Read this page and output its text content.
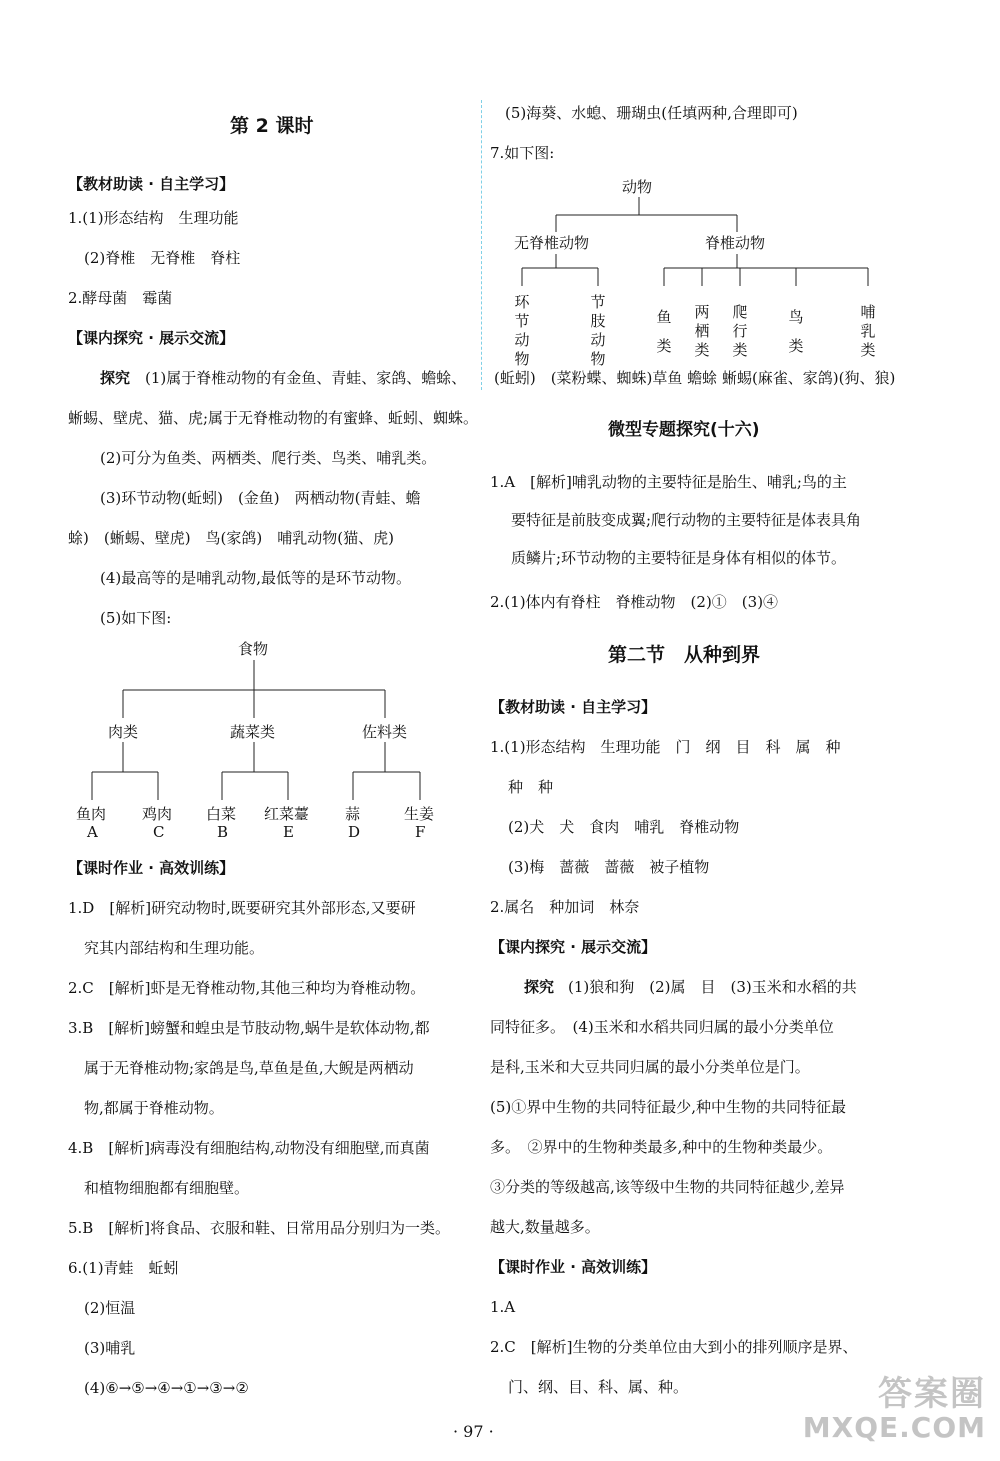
第 2 课时
【教材助读 · 自主学习】
1.(1)形态结构　生理功能
(2)脊椎　无脊椎　脊柱
2.酵母菌　霉菌
【课内探究 · 展示交流】
探究 (1)属于脊椎动物的有金鱼、青蛙、家鸽、蟾蜍、
蜥蜴、壁虎、猫、虎;属于无脊椎动物的有蜜蜂、蚯蚓、蜘蛛。
(2)可分为鱼类、两栖类、爬行类、鸟类、哺乳类。
(3)环节动物(蚯蚓)　(金鱼)　两栖动物(青蛙、蟾
蜍)　(蜥蜴、壁虎)　鸟(家鸽)　哺乳动物(猫、虎)
(4)最高等的是哺乳动物,最低等的是环节动物。
(5)如下图:
食物
肉类	蔬菜类	佐料类
鱼肉 鸡肉 白菜 红菜薹 蒜	生姜
A	C	B	E	D	F
【课时作业 · 高效训练】
1.D　[解析]研究动物时,既要研究其外部形态,又要研
究其内部结构和生理功能。
2.C　[解析]虾是无脊椎动物,其他三种均为脊椎动物。
3.B　[解析]螃蟹和蝗虫是节肢动物,蜗牛是软体动物,都
属于无脊椎动物;家鸽是鸟,草鱼是鱼,大鲵是两栖动
物,都属于脊椎动物。
4.B　[解析]病毒没有细胞结构,动物没有细胞壁,而真菌
和植物细胞都有细胞壁。
5.B　[解析]将食品、衣服和鞋、日常用品分别归为一类。
6.(1)青蛙　蚯蚓
(2)恒温
(3)哺乳
(4)⑥→⑤→④→①→③→②
(5)海葵、水螅、珊瑚虫(任填两种,合理即可)
7.如下图:
动物
无脊椎动物	脊椎动物
环节动物
节肢动物
鱼类
两栖类
爬行类
鸟类
哺乳类
(蚯蚓)　(菜粉蝶、蜘蛛)草鱼 蟾蜍 蜥蜴(麻雀、家鸽)(狗、狼)
微型专题探究(十六)
1.A　[解析]哺乳动物的主要特征是胎生、哺乳;鸟的主
要特征是前肢变成翼;爬行动物的主要特征是体表具角
质鳞片;环节动物的主要特征是身体有相似的体节。
2.(1)体内有脊柱　脊椎动物　(2)①　(3)④
第二节　从种到界
【教材助读 · 自主学习】
1.(1)形态结构　生理功能　门　纲　目　科　属　种
种　种
(2)犬　犬　食肉　哺乳　脊椎动物
(3)梅　蔷薇　蔷薇　被子植物
2.属名　种加词　林奈
【课内探究 · 展示交流】
探究 (1)狼和狗　(2)属　目　(3)玉米和水稻的共
同特征多。　(4)玉米和水稻共同归属的最小分类单位
是科,玉米和大豆共同归属的最小分类单位是门。
(5)①界中生物的共同特征最少,种中生物的共同特征最
多。　②界中的生物种类最多,种中的生物种类最少。
③分类的等级越高,该等级中生物的共同特征越少,差异
越大,数量越多。
【课时作业 · 高效训练】
1.A
2.C　[解析]生物的分类单位由大到小的排列顺序是界、
门、纲、目、科、属、种。
· 97 ·
答案圈
MXQE.COM
